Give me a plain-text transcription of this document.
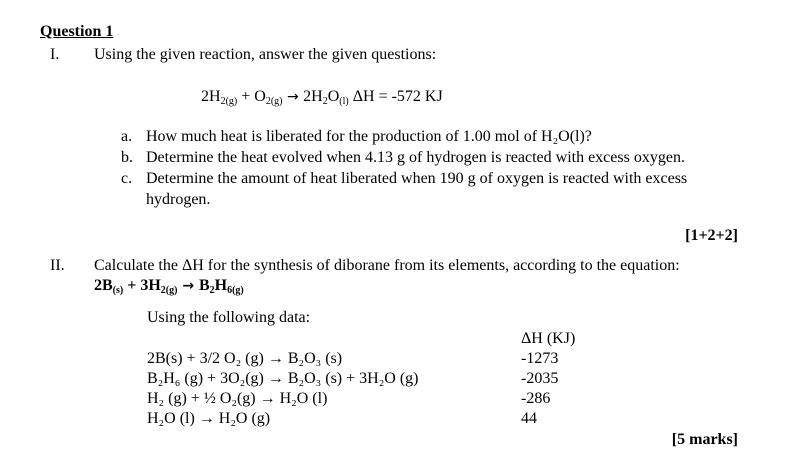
Question 1
I. Using the given reaction, answer the given questions:
$2H_{2(g)} + O_{2(g)} \to 2H_2O_{(l)}$ ΔH = -572 KJ
a. How much heat is liberated for the production of 1.00 mol of H₂O(l)?
b. Determine the heat evolved when 4.13 g of hydrogen is reacted with excess oxygen.
c. Determine the amount of heat liberated when 190 g of oxygen is reacted with excess
hydrogen.
[1+2+2]
II. Calculate the ΔH for the synthesis of diborane from its elements, according to the equation:
$2B_{(s)} + 3H_{2(g)} \to B_2H_{6(g)}$
Using the following data:
ΔH (KJ)
2B(s) + 3/2 O₂ (g) → B₂O₃ (s)	-1273
B₂H₆ (g) + 3O₂(g) → B₂O₃ (s) + 3H₂O (g)	-2035
H₂ (g) + ½ O₂(g) → H₂O (l)	-286
H₂O (l) → H₂O (g)	44
[5 marks]
